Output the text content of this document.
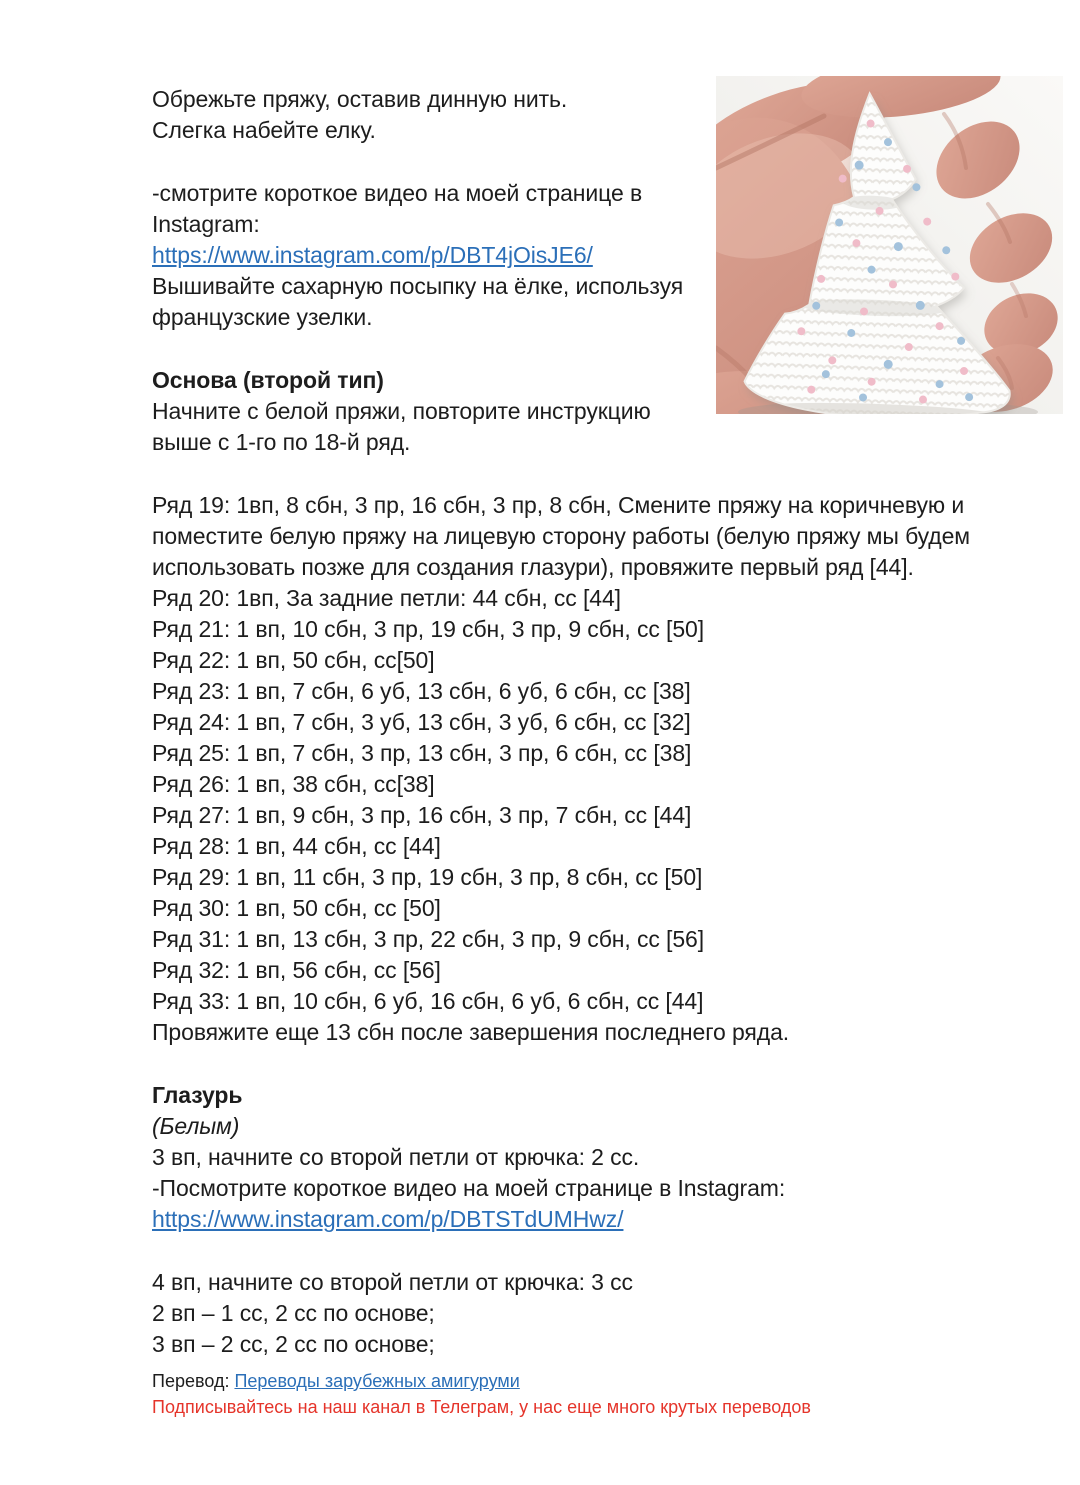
Обрежьте пряжу, оставив динную нить.
Слегка набейте елку.
-смотрите короткое видео на моей странице в
Instagram:
https://www.instagram.com/p/DBT4jOisJE6/
Вышивайте сахарную посыпку на ёлке, используя
французские узелки.
Основа (второй тип)
Начните с белой пряжи, повторите инструкцию
выше с 1-го по 18-й ряд.
Ряд 19: 1вп, 8 сбн, 3 пр, 16 сбн, 3 пр, 8 сбн, Смените пряжу на коричневую и
поместите белую пряжу на лицевую сторону работы (белую пряжу мы будем
использовать позже для создания глазури), провяжите первый ряд [44].
Ряд 20: 1вп, За задние петли: 44 сбн, сс [44]
Ряд 21: 1 вп, 10 сбн, 3 пр, 19 сбн, 3 пр, 9 сбн, сс [50]
Ряд 22: 1 вп, 50 сбн, сс[50]
Ряд 23: 1 вп, 7 сбн, 6 уб, 13 сбн, 6 уб, 6 сбн, сс [38]
Ряд 24: 1 вп, 7 сбн, 3 уб, 13 сбн, 3 уб, 6 сбн, сс [32]
Ряд 25: 1 вп, 7 сбн, 3 пр, 13 сбн, 3 пр, 6 сбн, сс [38]
Ряд 26: 1 вп, 38 сбн, сс[38]
Ряд 27: 1 вп, 9 сбн, 3 пр, 16 сбн, 3 пр, 7 сбн, сс [44]
Ряд 28: 1 вп, 44 сбн, сс [44]
Ряд 29: 1 вп, 11 сбн, 3 пр, 19 сбн, 3 пр, 8 сбн, сс [50]
Ряд 30: 1 вп, 50 сбн, сс [50]
Ряд 31: 1 вп, 13 сбн, 3 пр, 22 сбн, 3 пр, 9 сбн, сс [56]
Ряд 32: 1 вп, 56 сбн, сс [56]
Ряд 33: 1 вп, 10 сбн, 6 уб, 16 сбн, 6 уб, 6 сбн, сс [44]
Провяжите еще 13 сбн после завершения последнего ряда.
Глазурь
(Белым)
3 вп, начните со второй петли от крючка: 2 сс.
-Посмотрите короткое видео на моей странице в Instagram:
https://www.instagram.com/p/DBTSTdUMHwz/
4 вп, начните со второй петли от крючка: 3 сс
2 вп – 1 сс, 2 сс по основе;
3 вп – 2 сс, 2 сс по основе;
Перевод: Переводы зарубежных амигуруми
Подписывайтесь на наш канал в Телеграм, у нас еще много крутых переводов
